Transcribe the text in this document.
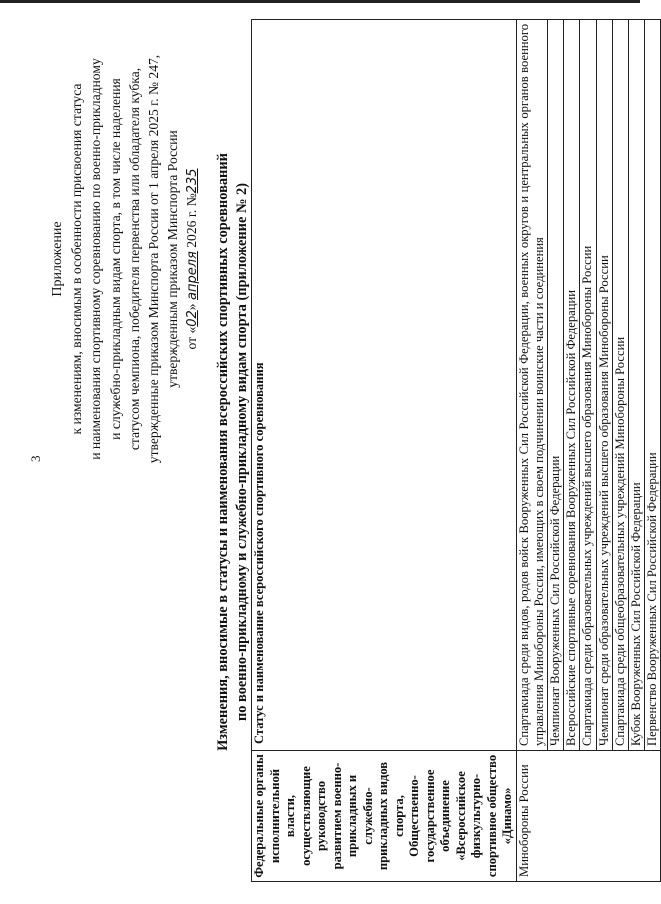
3
Приложение к изменениям, вносимым в особенности присвоения статуса и наименования спортивному соревнованию по военно-прикладному и служебно-прикладным видам спорта, в том числе наделения статусом чемпиона, победителя первенства или обладателя кубка, утвержденные приказом Минспорта России от 1 апреля 2025 г. № 247, утвержденным приказом Минспорта России от «02» апреля 2026 г. №235 Изменения, вносимые в статусы и наименования всероссийских спортивных соревнований по военно-прикладному и служебно-прикладному видам спорта (приложение № 2)
Федеральные органы исполнительной власти, осуществляющие руководство развитием военно-прикладных и служебно-прикладных видов спорта, Общественно-государственное объединение «Всероссийское физкультурно-спортивное общество «Динамо»	Статус и наименование всероссийского спортивного соревнования
Минобороны России	Спартакиада среди видов, родов войск Вооруженных Сил Российской Федерации, военных округов и центральных органов военного управления Минобороны России, имеющих в своем подчинении воинские части и соединения
	Чемпионат Вооруженных Сил Российской Федерации
	Всероссийские спортивные соревнования Вооруженных Сил Российской Федерации
	Спартакиада среди образовательных учреждений высшего образования Минобороны России
	Чемпионат среди образовательных учреждений высшего образования Минобороны России
	Спартакиада среди общеобразовательных учреждений Минобороны России
	Кубок Вооруженных Сил Российской Федерации
	Первенство Вооруженных Сил Российской Федерации
